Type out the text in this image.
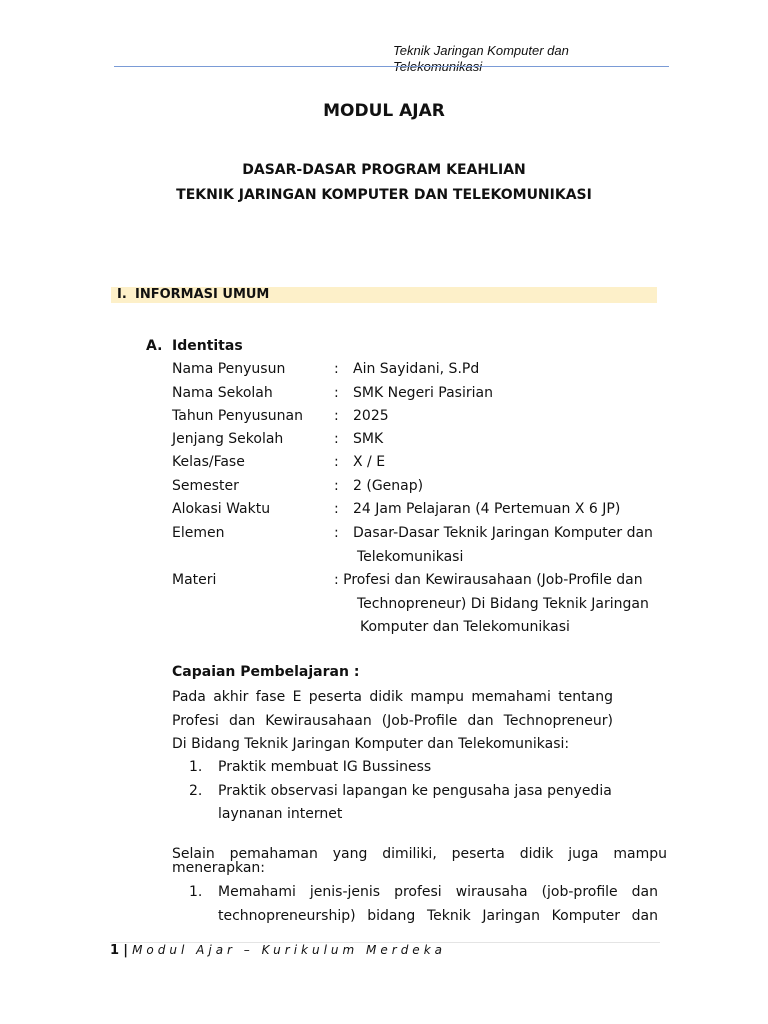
Teknik Jaringan Komputer dan Telekomunikasi
MODUL AJAR
DASAR-DASAR PROGRAM KEAHLIAN
TEKNIK JARINGAN KOMPUTER DAN TELEKOMUNIKASI
I. INFORMASI UMUM
A. Identitas
Nama Penyusun	: Ain Sayidani, S.Pd
Nama Sekolah	: SMK Negeri Pasirian
Tahun Penyusunan : 2025
Jenjang Sekolah	: SMK
Kelas/Fase	: X / E
Semester	: 2 (Genap)
Alokasi Waktu	: 24 Jam Pelajaran (4 Pertemuan X 6 JP)
Elemen	: Dasar-Dasar Teknik Jaringan Komputer dan
Telekomunikasi
Materi	: Profesi dan Kewirausahaan (Job-Profile dan
Technopreneur) Di Bidang Teknik Jaringan
Komputer dan Telekomunikasi
Capaian Pembelajaran :
Pada akhir fase E peserta didik mampu memahami tentang
Profesi dan Kewirausahaan (Job-Profile dan Technopreneur)
Di Bidang Teknik Jaringan Komputer dan Telekomunikasi:
1. Praktik membuat IG Bussiness
2. Praktik observasi lapangan ke pengusaha jasa penyedia
laynanan internet
Selain pemahaman yang dimiliki, peserta didik juga mampu
menerapkan:
1. Memahami jenis-jenis profesi wirausaha (job-profile dan
technopreneurship) bidang Teknik Jaringan Komputer dan
1 | Modul Ajar – Kurikulum Merdeka
